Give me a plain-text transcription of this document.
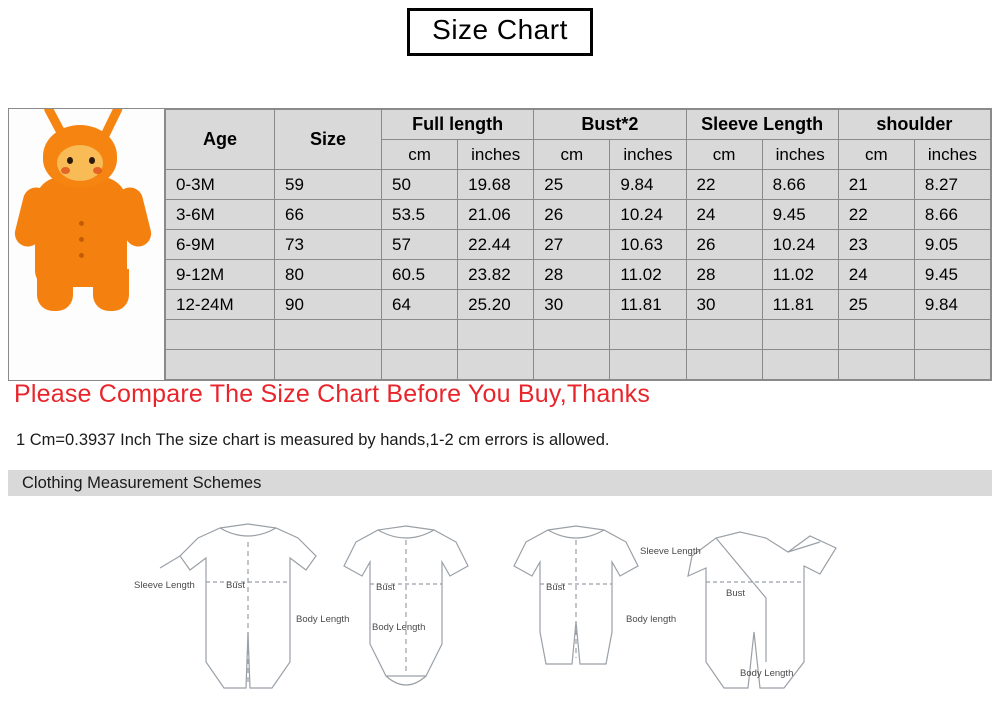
Size Chart
Age	Size	Full length		Bust*2		Sleeve Length		shoulder	
		cm	inches	cm	inches	cm	inches	cm	inches
0-3M	59	50	19.68	25	9.84	22	8.66	21	8.27
3-6M	66	53.5	21.06	26	10.24	24	9.45	22	8.66
6-9M	73	57	22.44	27	10.63	26	10.24	23	9.05
9-12M	80	60.5	23.82	28	11.02	28	11.02	24	9.45
12-24M	90	64	25.20	30	11.81	30	11.81	25	9.84

Please Compare The Size Chart Before You Buy,Thanks
1 Cm=0.3937 Inch The size chart is measured by hands,1-2 cm errors is allowed.
Clothing Measurement Schemes
Sleeve Length	Bust
Body Length
Bust
Body Length
Bust
Body length
Sleeve Length
Bust
Body Length
